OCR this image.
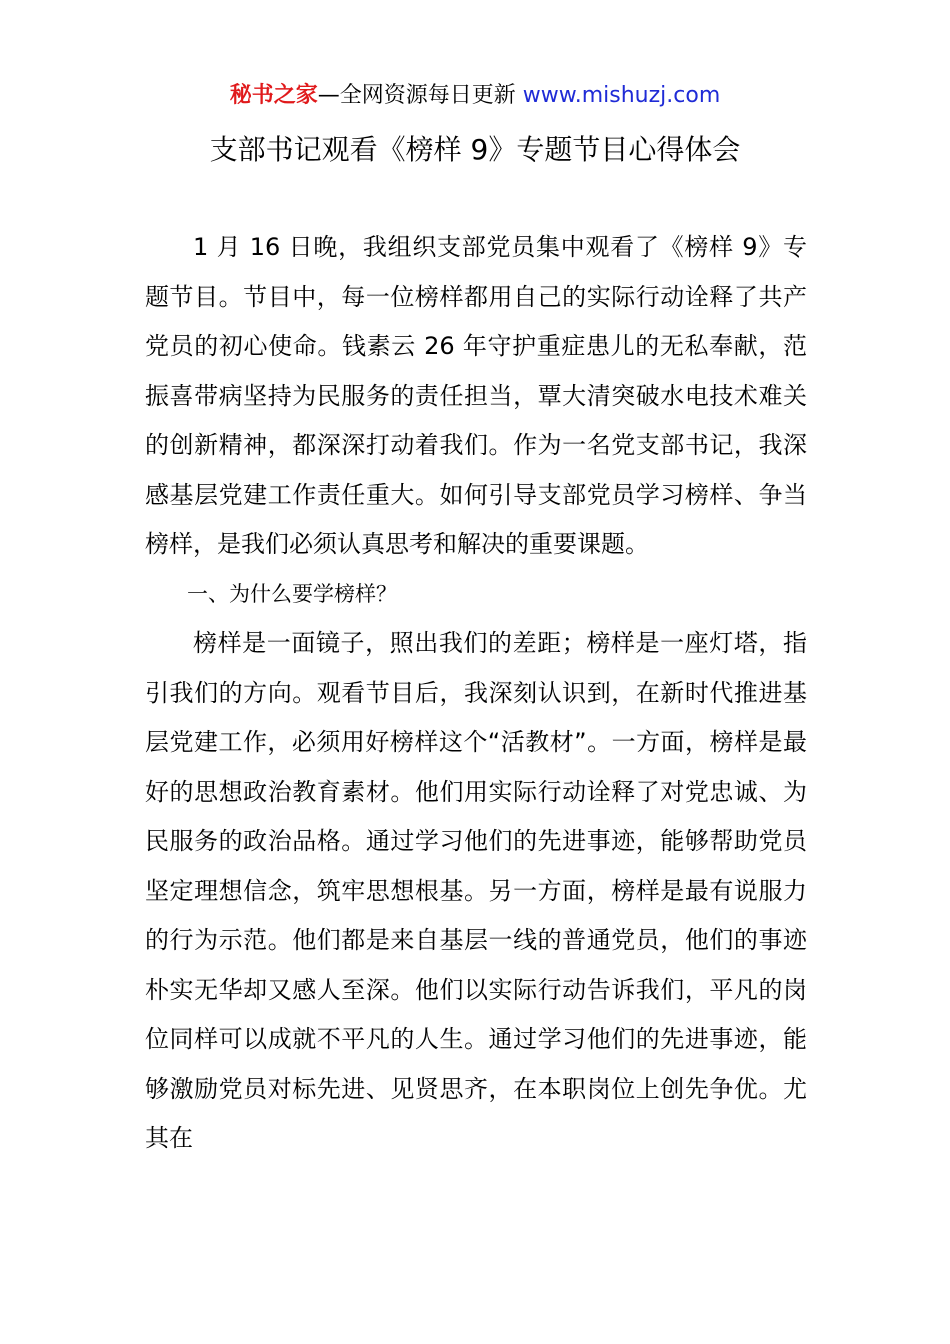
秘书之家—全网资源每日更新 www.mishuzj.com
支部书记观看《榜样 9》专题节目心得体会

1 月 16 日晚，我组织支部党员集中观看了《榜样 9》专题节目。节目中，每一位榜样都用自己的实际行动诠释了共产党员的初心使命。钱素云 26 年守护重症患儿的无私奉献，范振喜带病坚持为民服务的责任担当，覃大清突破水电技术难关的创新精神，都深深打动着我们。作为一名党支部书记，我深感基层党建工作责任重大。如何引导支部党员学习榜样、争当榜样，是我们必须认真思考和解决的重要课题。

一、为什么要学榜样？

榜样是一面镜子，照出我们的差距；榜样是一座灯塔，指引我们的方向。观看节目后，我深刻认识到，在新时代推进基层党建工作，必须用好榜样这个“活教材”。一方面，榜样是最好的思想政治教育素材。他们用实际行动诠释了对党忠诚、为民服务的政治品格。通过学习他们的先进事迹，能够帮助党员坚定理想信念，筑牢思想根基。另一方面，榜样是最有说服力的行为示范。他们都是来自基层一线的普通党员，他们的事迹朴实无华却又感人至深。他们以实际行动告诉我们，平凡的岗位同样可以成就不平凡的人生。通过学习他们的先进事迹，能够激励党员对标先进、见贤思齐，在本职岗位上创先争优。尤其在
